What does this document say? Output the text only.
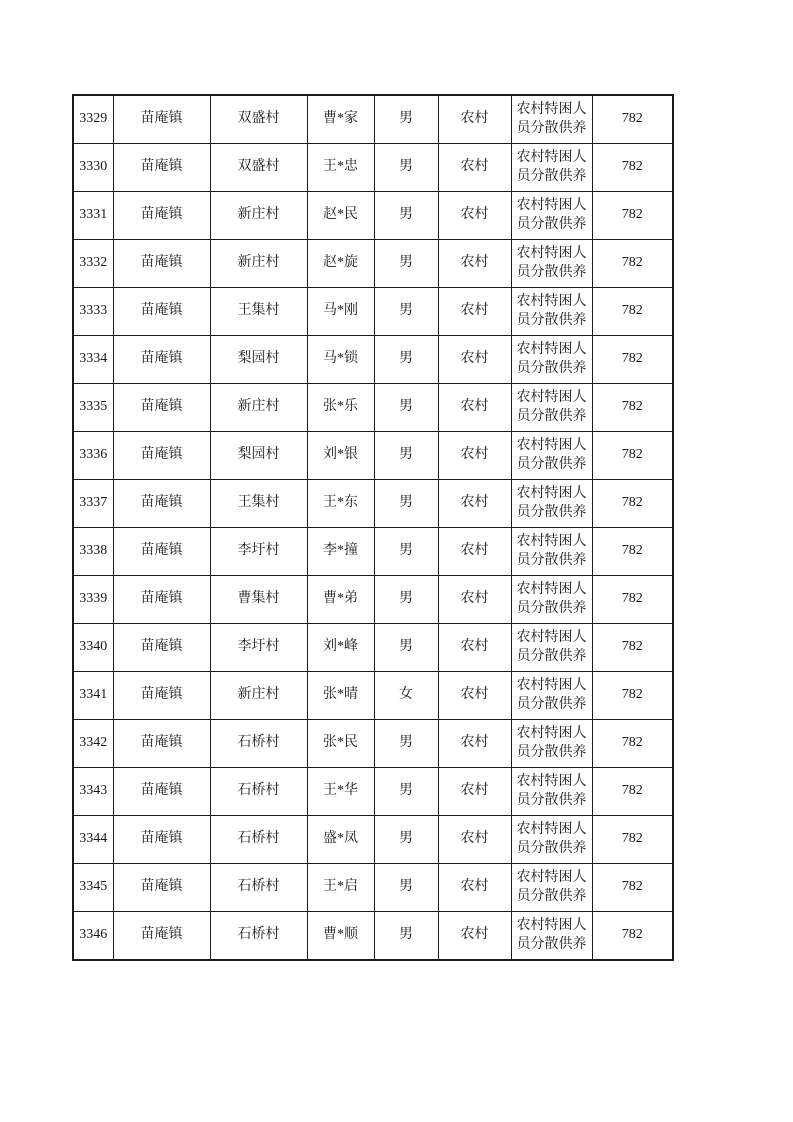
3329	苗庵镇	双盛村	曹*家	男	农村	农村特困人员分散供养	782
3330	苗庵镇	双盛村	王*忠	男	农村	农村特困人员分散供养	782
3331	苗庵镇	新庄村	赵*民	男	农村	农村特困人员分散供养	782
3332	苗庵镇	新庄村	赵*旋	男	农村	农村特困人员分散供养	782
3333	苗庵镇	王集村	马*刚	男	农村	农村特困人员分散供养	782
3334	苗庵镇	梨园村	马*锁	男	农村	农村特困人员分散供养	782
3335	苗庵镇	新庄村	张*乐	男	农村	农村特困人员分散供养	782
3336	苗庵镇	梨园村	刘*银	男	农村	农村特困人员分散供养	782
3337	苗庵镇	王集村	王*东	男	农村	农村特困人员分散供养	782
3338	苗庵镇	李圩村	李*撞	男	农村	农村特困人员分散供养	782
3339	苗庵镇	曹集村	曹*弟	男	农村	农村特困人员分散供养	782
3340	苗庵镇	李圩村	刘*峰	男	农村	农村特困人员分散供养	782
3341	苗庵镇	新庄村	张*晴	女	农村	农村特困人员分散供养	782
3342	苗庵镇	石桥村	张*民	男	农村	农村特困人员分散供养	782
3343	苗庵镇	石桥村	王*华	男	农村	农村特困人员分散供养	782
3344	苗庵镇	石桥村	盛*凤	男	农村	农村特困人员分散供养	782
3345	苗庵镇	石桥村	王*启	男	农村	农村特困人员分散供养	782
3346	苗庵镇	石桥村	曹*顺	男	农村	农村特困人员分散供养	782
